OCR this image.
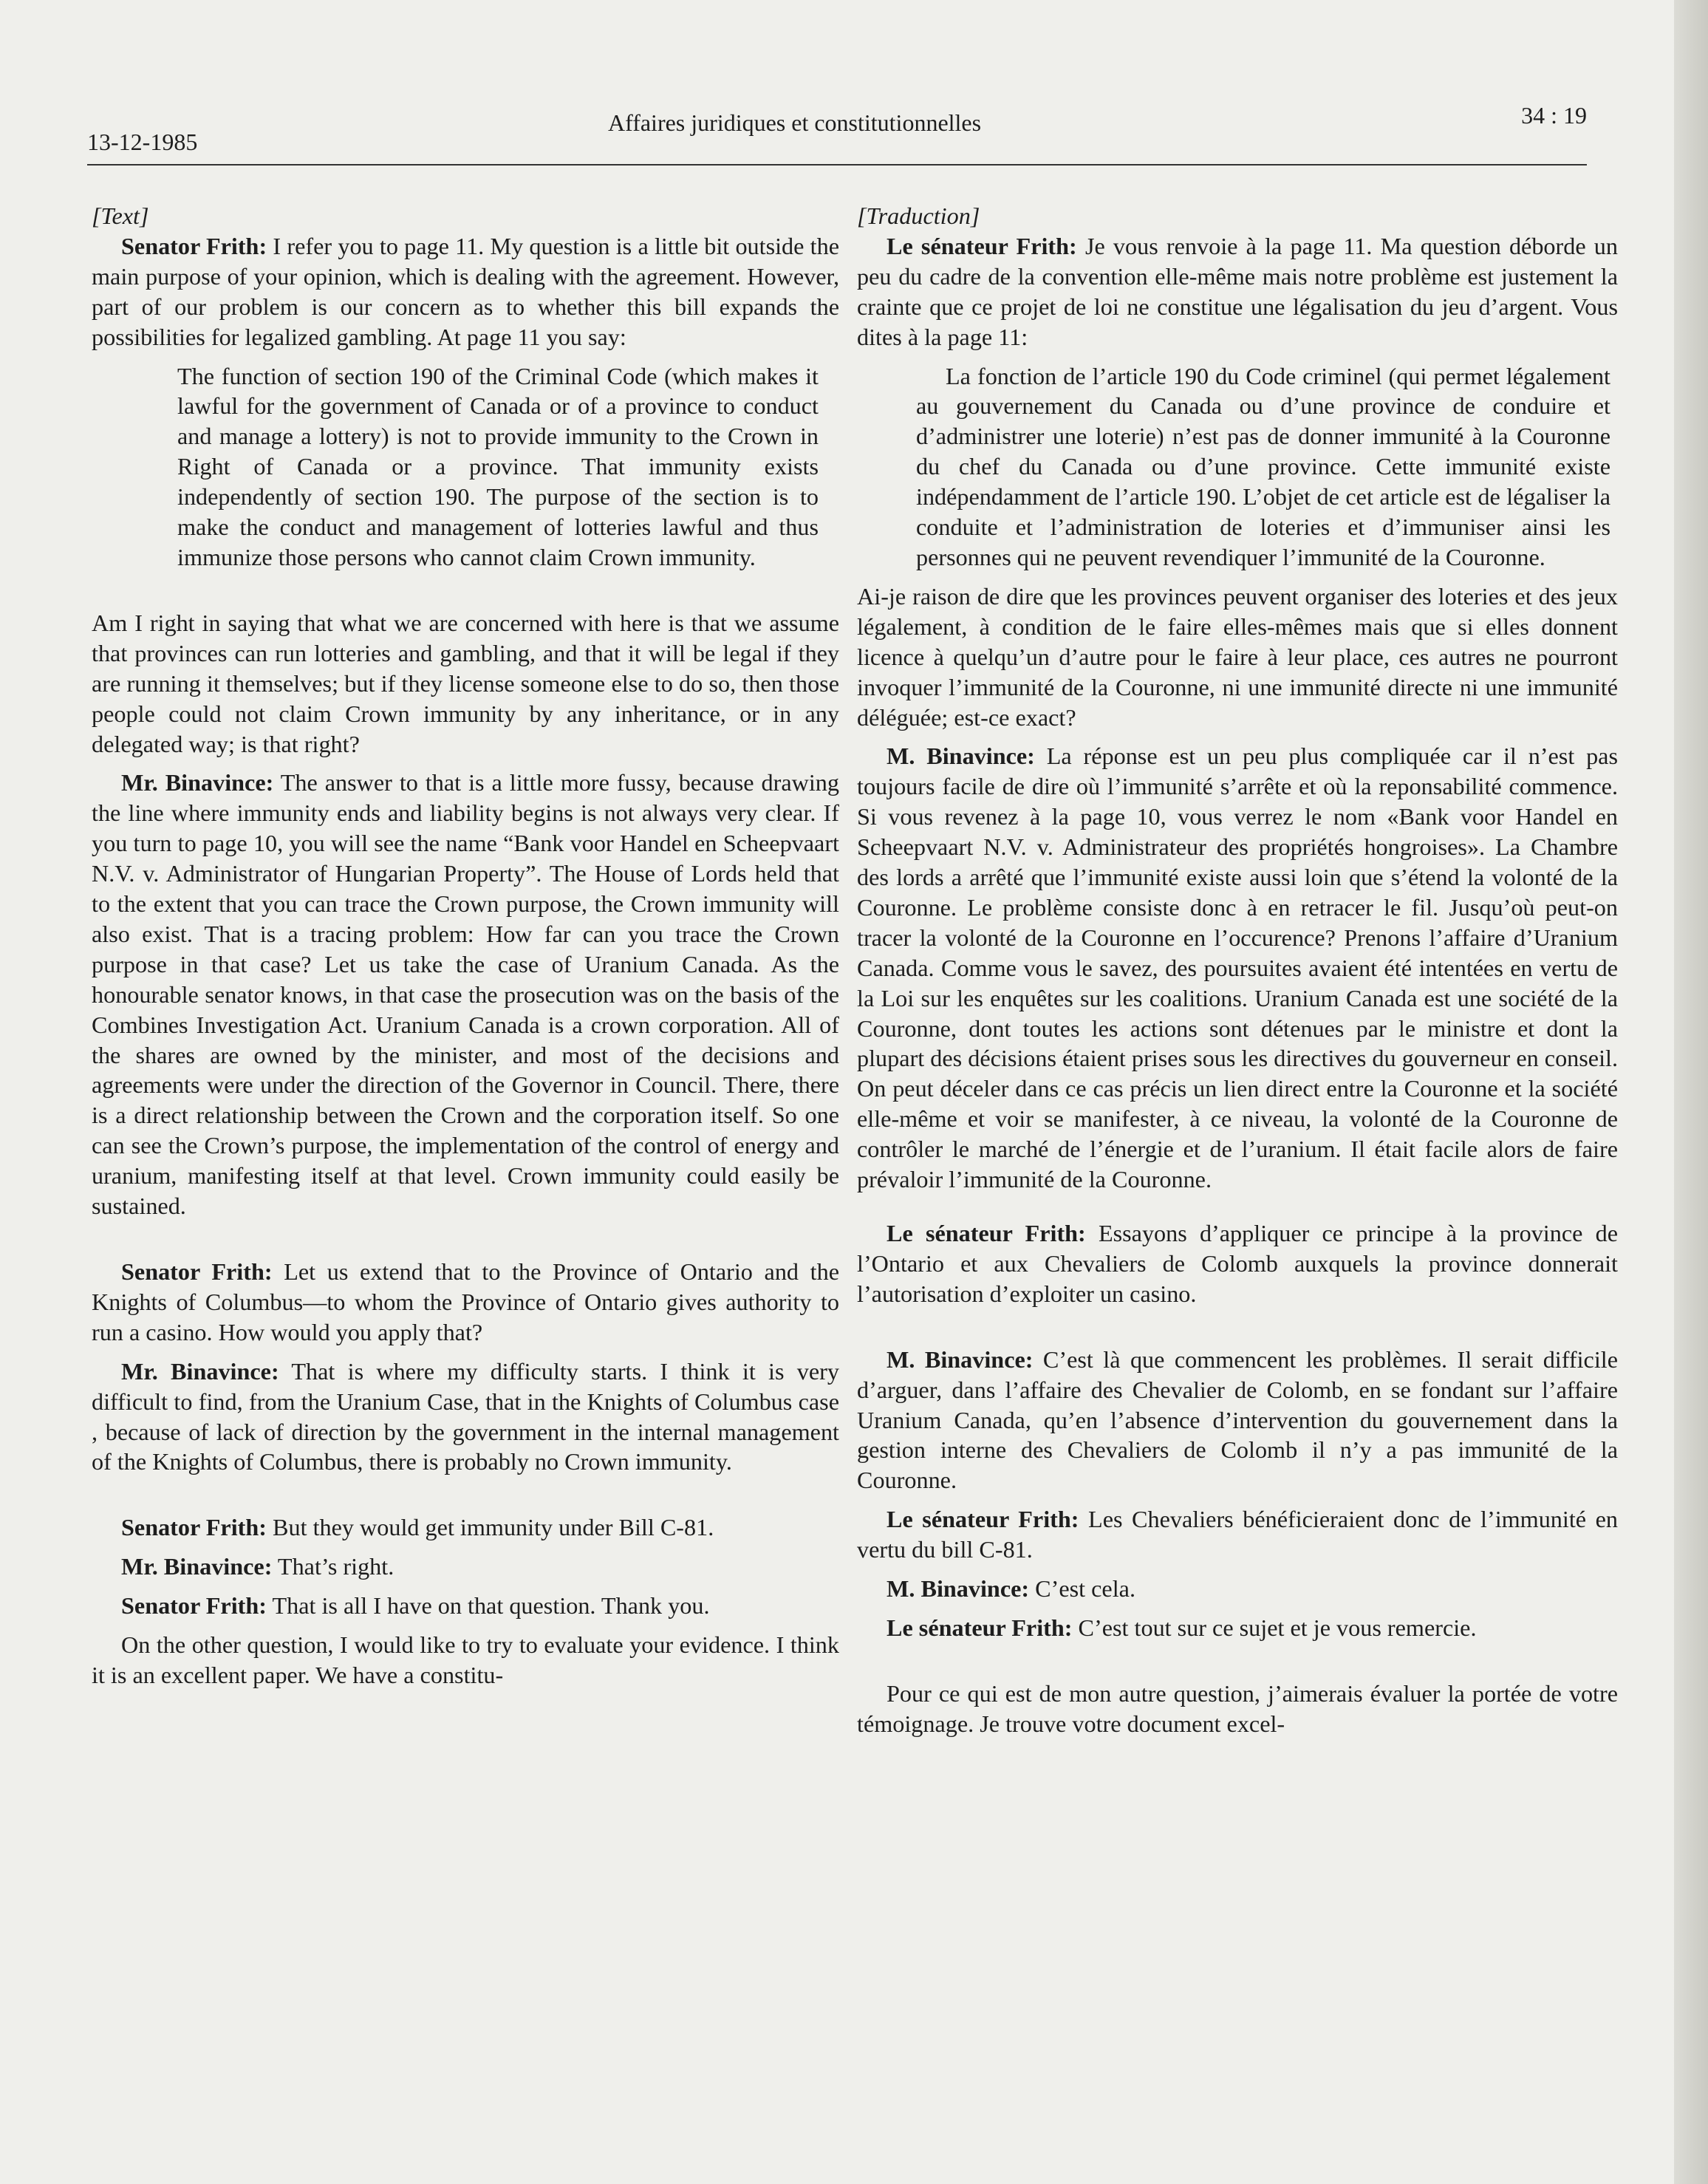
13-12-1985
Affaires juridiques et constitutionnelles	34 : 19

[Text]

Senator Frith: I refer you to page 11. My question is a little bit outside the main purpose of your opinion, which is dealing with the agreement. However, part of our problem is our concern as to whether this bill expands the possibilities for legalized gambling. At page 11 you say:

The function of section 190 of the Criminal Code (which makes it lawful for the government of Canada or of a province to conduct and manage a lottery) is not to provide immunity to the Crown in Right of Canada or a province. That immunity exists independently of section 190. The purpose of the section is to make the conduct and management of lotteries lawful and thus immunize those persons who cannot claim Crown immunity.

Am I right in saying that what we are concerned with here is that we assume that provinces can run lotteries and gambling, and that it will be legal if they are running it themselves; but if they license someone else to do so, then those people could not claim Crown immunity by any inheritance, or in any delegated way; is that right?

Mr. Binavince: The answer to that is a little more fussy, because drawing the line where immunity ends and liability begins is not always very clear. If you turn to page 10, you will see the name “Bank voor Handel en Scheepvaart N.V. v. Administrator of Hungarian Property”. The House of Lords held that to the extent that you can trace the Crown purpose, the Crown immunity will also exist. That is a tracing problem: How far can you trace the Crown purpose in that case? Let us take the case of Uranium Canada. As the honourable senator knows, in that case the prosecution was on the basis of the Combines Investigation Act. Uranium Canada is a crown corporation. All of the shares are owned by the minister, and most of the decisions and agreements were under the direction of the Governor in Council. There, there is a direct relationship between the Crown and the corporation itself. So one can see the Crown’s purpose, the implementation of the control of energy and uranium, manifesting itself at that level. Crown immunity could easily be sustained.

Senator Frith: Let us extend that to the Province of Ontario and the Knights of Columbus—to whom the Province of Ontario gives authority to run a casino. How would you apply that?

Mr. Binavince: That is where my difficulty starts. I think it is very difficult to find, from the Uranium Case, that in the Knights of Columbus case , because of lack of direction by the government in the internal management of the Knights of Columbus, there is probably no Crown immunity.

Senator Frith: But they would get immunity under Bill C-81.

Mr. Binavince: That’s right.

Senator Frith: That is all I have on that question. Thank you.

On the other question, I would like to try to evaluate your evidence. I think it is an excellent paper. We have a constitu-

[Traduction]

Le sénateur Frith: Je vous renvoie à la page 11. Ma question déborde un peu du cadre de la convention elle-même mais notre problème est justement la crainte que ce projet de loi ne constitue une légalisation du jeu d’argent. Vous dites à la page 11:

La fonction de l’article 190 du Code criminel (qui permet légalement au gouvernement du Canada ou d’une province de conduire et d’administrer une loterie) n’est pas de donner immunité à la Couronne du chef du Canada ou d’une province. Cette immunité existe indépendamment de l’article 190. L’objet de cet article est de légaliser la conduite et l’administration de loteries et d’immuniser ainsi les personnes qui ne peuvent revendiquer l’immunité de la Couronne.

Ai-je raison de dire que les provinces peuvent organiser des loteries et des jeux légalement, à condition de le faire elles-mêmes mais que si elles donnent licence à quelqu’un d’autre pour le faire à leur place, ces autres ne pourront invoquer l’immunité de la Couronne, ni une immunité directe ni une immunité déléguée; est-ce exact?

M. Binavince: La réponse est un peu plus compliquée car il n’est pas toujours facile de dire où l’immunité s’arrête et où la reponsabilité commence. Si vous revenez à la page 10, vous verrez le nom «Bank voor Handel en Scheepvaart N.V. v. Administrateur des propriétés hongroises». La Chambre des lords a arrêté que l’immunité existe aussi loin que s’étend la volonté de la Couronne. Le problème consiste donc à en retracer le fil. Jusqu’où peut-on tracer la volonté de la Couronne en l’occurence? Prenons l’affaire d’Uranium Canada. Comme vous le savez, des poursuites avaient été intentées en vertu de la Loi sur les enquêtes sur les coalitions. Uranium Canada est une société de la Couronne, dont toutes les actions sont détenues par le ministre et dont la plupart des décisions étaient prises sous les directives du gouverneur en conseil. On peut déceler dans ce cas précis un lien direct entre la Couronne et la société elle-même et voir se manifester, à ce niveau, la volonté de la Couronne de contrôler le marché de l’énergie et de l’uranium. Il était facile alors de faire prévaloir l’immunité de la Couronne.

Le sénateur Frith: Essayons d’appliquer ce principe à la province de l’Ontario et aux Chevaliers de Colomb auxquels la province donnerait l’autorisation d’exploiter un casino.

M. Binavince: C’est là que commencent les problèmes. Il serait difficile d’arguer, dans l’affaire des Chevalier de Colomb, en se fondant sur l’affaire Uranium Canada, qu’en l’absence d’intervention du gouvernement dans la gestion interne des Chevaliers de Colomb il n’y a pas immunité de la Couronne.

Le sénateur Frith: Les Chevaliers bénéficieraient donc de l’immunité en vertu du bill C-81.

M. Binavince: C’est cela.

Le sénateur Frith: C’est tout sur ce sujet et je vous remercie.

Pour ce qui est de mon autre question, j’aimerais évaluer la portée de votre témoignage. Je trouve votre document excel-
